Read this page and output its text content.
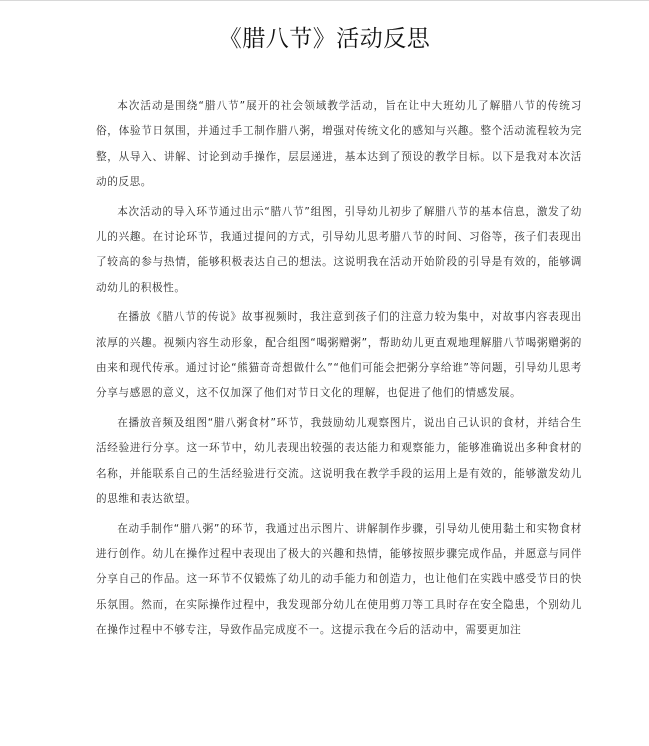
《腊八节》活动反思

本次活动是围绕“腊八节”展开的社会领域教学活动，旨在让中大班幼儿了解腊八节的传统习俗，体验节日氛围，并通过手工制作腊八粥，增强对传统文化的感知与兴趣。整个活动流程较为完整，从导入、讲解、讨论到动手操作，层层递进，基本达到了预设的教学目标。以下是我对本次活动的反思。

本次活动的导入环节通过出示“腊八节”组图，引导幼儿初步了解腊八节的基本信息，激发了幼儿的兴趣。在讨论环节，我通过提问的方式，引导幼儿思考腊八节的时间、习俗等，孩子们表现出了较高的参与热情，能够积极表达自己的想法。这说明我在活动开始阶段的引导是有效的，能够调动幼儿的积极性。

在播放《腊八节的传说》故事视频时，我注意到孩子们的注意力较为集中，对故事内容表现出浓厚的兴趣。视频内容生动形象，配合组图“喝粥赠粥”，帮助幼儿更直观地理解腊八节喝粥赠粥的由来和现代传承。通过讨论“熊猫奇奇想做什么”“他们可能会把粥分享给谁”等问题，引导幼儿思考分享与感恩的意义，这不仅加深了他们对节日文化的理解，也促进了他们的情感发展。

在播放音频及组图“腊八粥食材”环节，我鼓励幼儿观察图片，说出自己认识的食材，并结合生活经验进行分享。这一环节中，幼儿表现出较强的表达能力和观察能力，能够准确说出多种食材的名称，并能联系自己的生活经验进行交流。这说明我在教学手段的运用上是有效的，能够激发幼儿的思维和表达欲望。

在动手制作“腊八粥”的环节，我通过出示图片、讲解制作步骤，引导幼儿使用黏土和实物食材进行创作。幼儿在操作过程中表现出了极大的兴趣和热情，能够按照步骤完成作品，并愿意与同伴分享自己的作品。这一环节不仅锻炼了幼儿的动手能力和创造力，也让他们在实践中感受节日的快乐氛围。然而，在实际操作过程中，我发现部分幼儿在使用剪刀等工具时存在安全隐患，个别幼儿在操作过程中不够专注，导致作品完成度不一。这提示我在今后的活动中，需要更加注
